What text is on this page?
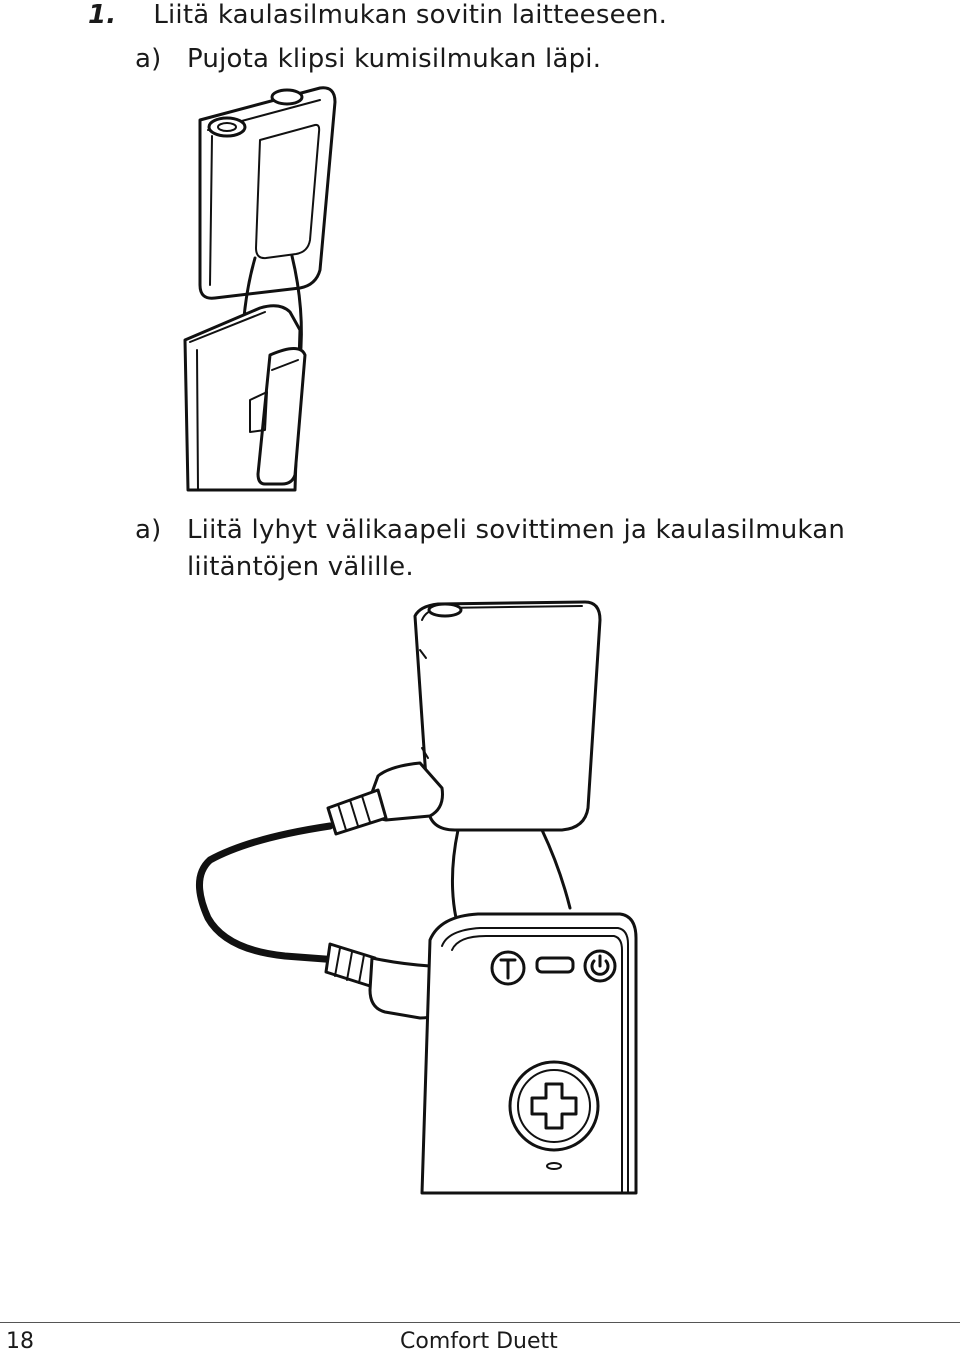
1. Liitä kaulasilmukan sovitin laitteeseen.
a) Pujota klipsi kumisilmukan läpi.
a) Liitä lyhyt välikaapeli sovittimen ja kaulasilmukan
liitäntöjen välille.
18	Comfort Duett
